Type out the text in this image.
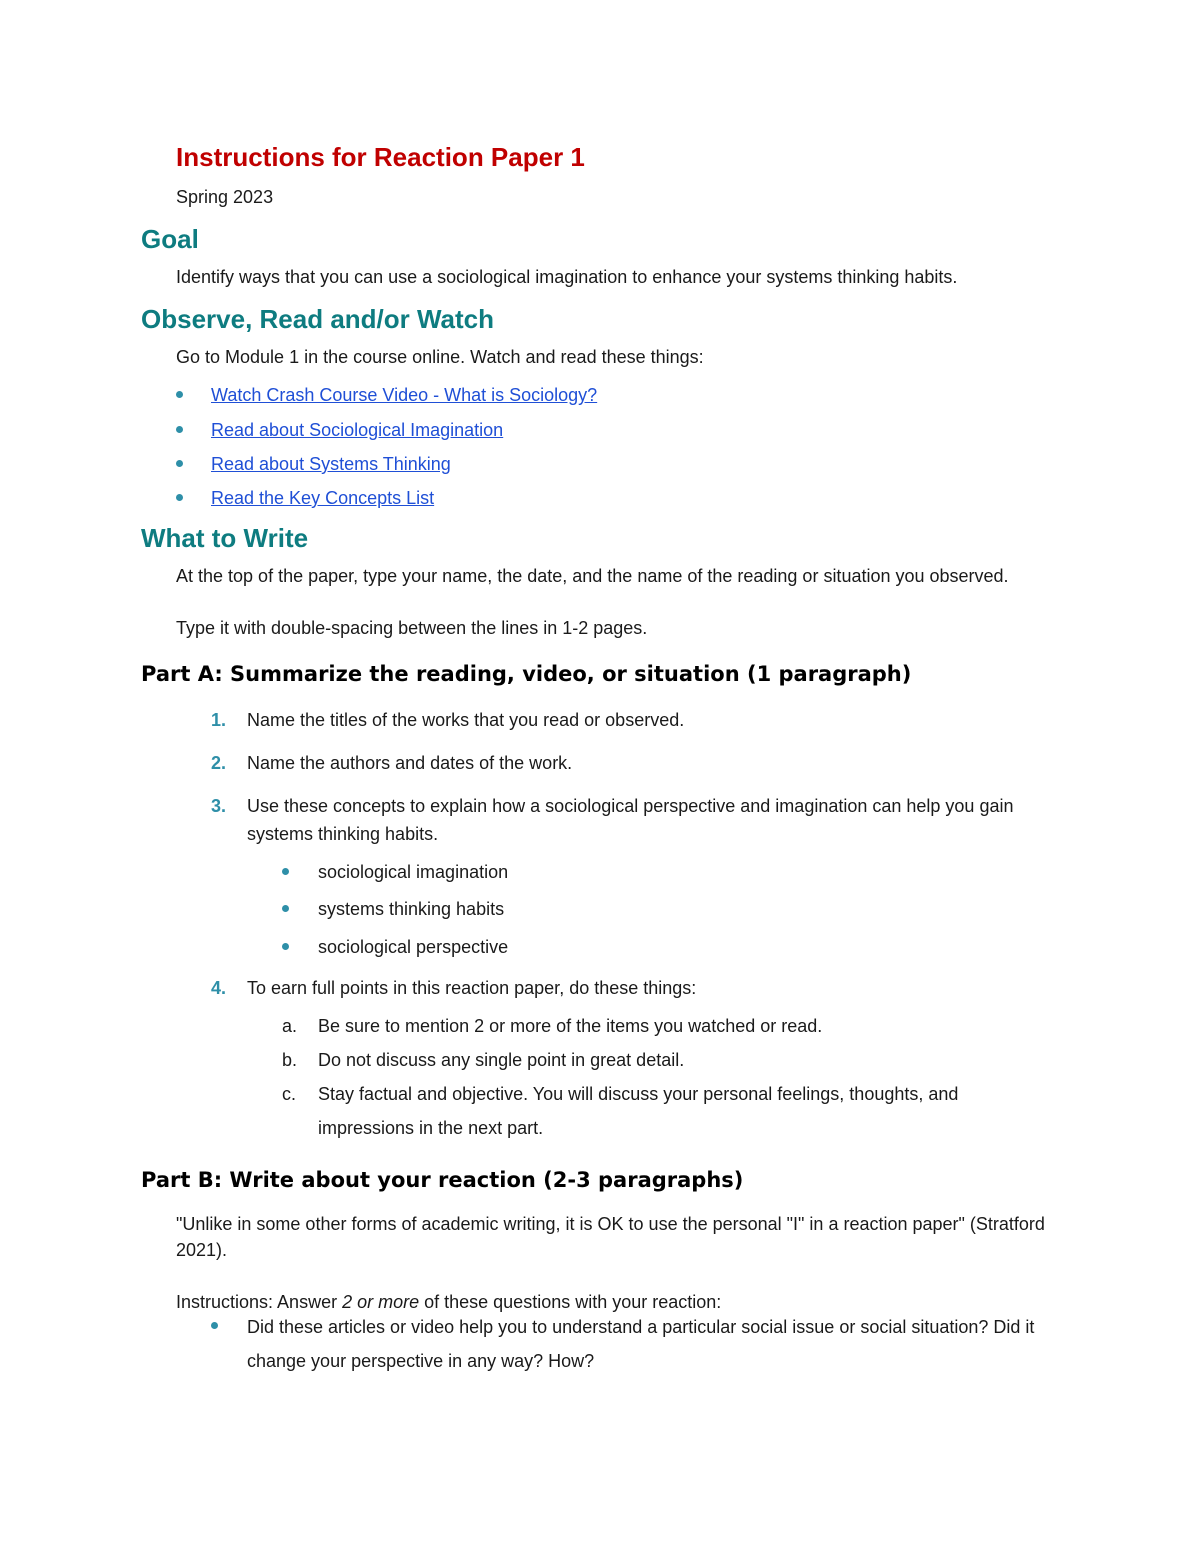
Instructions for Reaction Paper 1

Spring 2023

Goal

Identify ways that you can use a sociological imagination to enhance your systems thinking habits.

Observe, Read and/or Watch

Go to Module 1 in the course online. Watch and read these things:

Watch Crash Course Video - What is Sociology?
Read about Sociological Imagination
Read about Systems Thinking
Read the Key Concepts List
What to Write

At the top of the paper, type your name, the date, and the name of the reading or situation you observed.

Type it with double-spacing between the lines in 1-2 pages.

Part A: Summarize the reading, video, or situation (1 paragraph)
1. Name the titles of the works that you read or observed.
2. Name the authors and dates of the work.
3. Use these concepts to explain how a sociological perspective and imagination can help you gain systems thinking habits.
sociological imagination
systems thinking habits
sociological perspective
4. To earn full points in this reaction paper, do these things:
a. Be sure to mention 2 or more of the items you watched or read.
b. Do not discuss any single point in great detail.
c. Stay factual and objective. You will discuss your personal feelings, thoughts, and impressions in the next part.
Part B: Write about your reaction (2-3 paragraphs)

"Unlike in some other forms of academic writing, it is OK to use the personal "I" in a reaction paper" (Stratford 2021).

Instructions: Answer 2 or more of these questions with your reaction:

Did these articles or video help you to understand a particular social issue or social situation? Did it change your perspective in any way? How?
